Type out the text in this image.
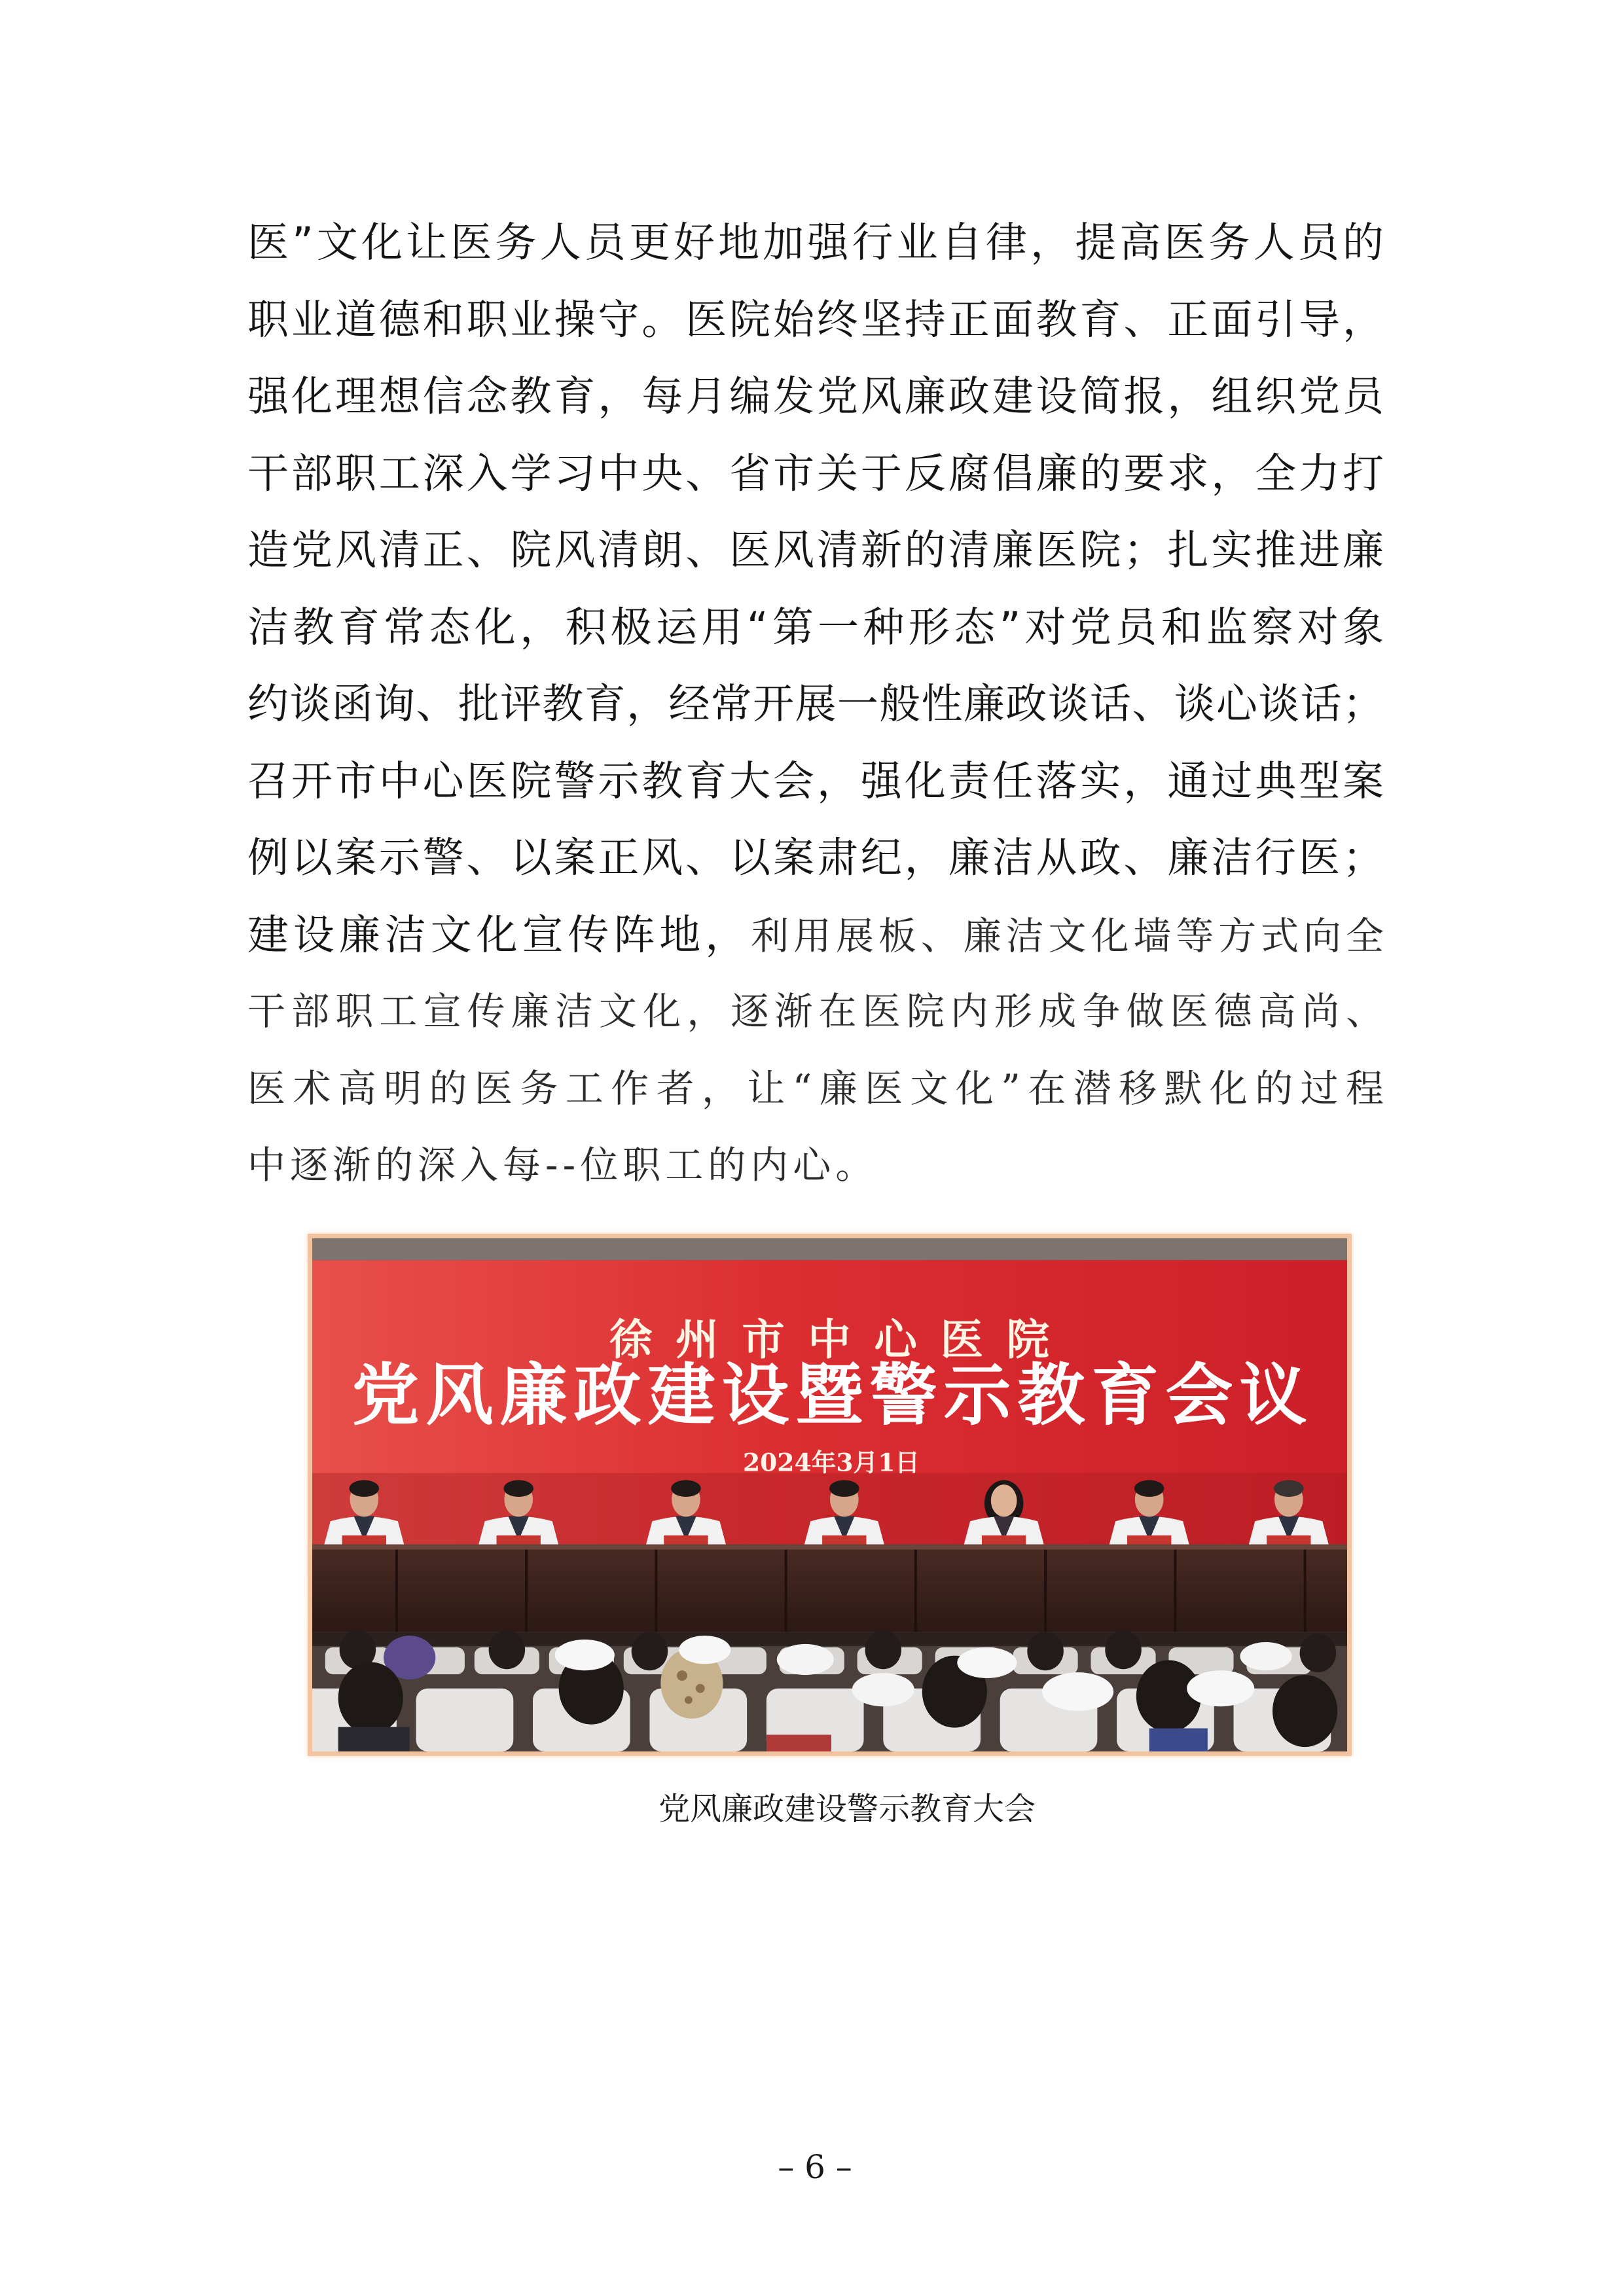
医”文化让医务人员更好地加强行业自律，提高医务人员的
职业道德和职业操守。医院始终坚持正面教育、正面引导，
强化理想信念教育，每月编发党风廉政建设简报，组织党员
干部职工深入学习中央、省市关于反腐倡廉的要求，全力打
造党风清正、院风清朗、医风清新的清廉医院；扎实推进廉
洁教育常态化，积极运用“第一种形态”对党员和监察对象
约谈函询、批评教育，经常开展一般性廉政谈话、谈心谈话；
召开市中心医院警示教育大会，强化责任落实，通过典型案
例以案示警、以案正风、以案肃纪，廉洁从政、廉洁行医；
建设廉洁文化宣传阵地，利用展板、廉洁文化墙等方式向全
干部职工宣传廉洁文化，逐渐在医院内形成争做医德高尚、
医术高明的医务工作者，让“廉医文化”在潜移默化的过程
中逐渐的深入每--位职工的内心。
徐州市中心医院
党风廉政建设暨警示教育会议
2024年3月1日
党风廉政建设警示教育大会
– 6 –
